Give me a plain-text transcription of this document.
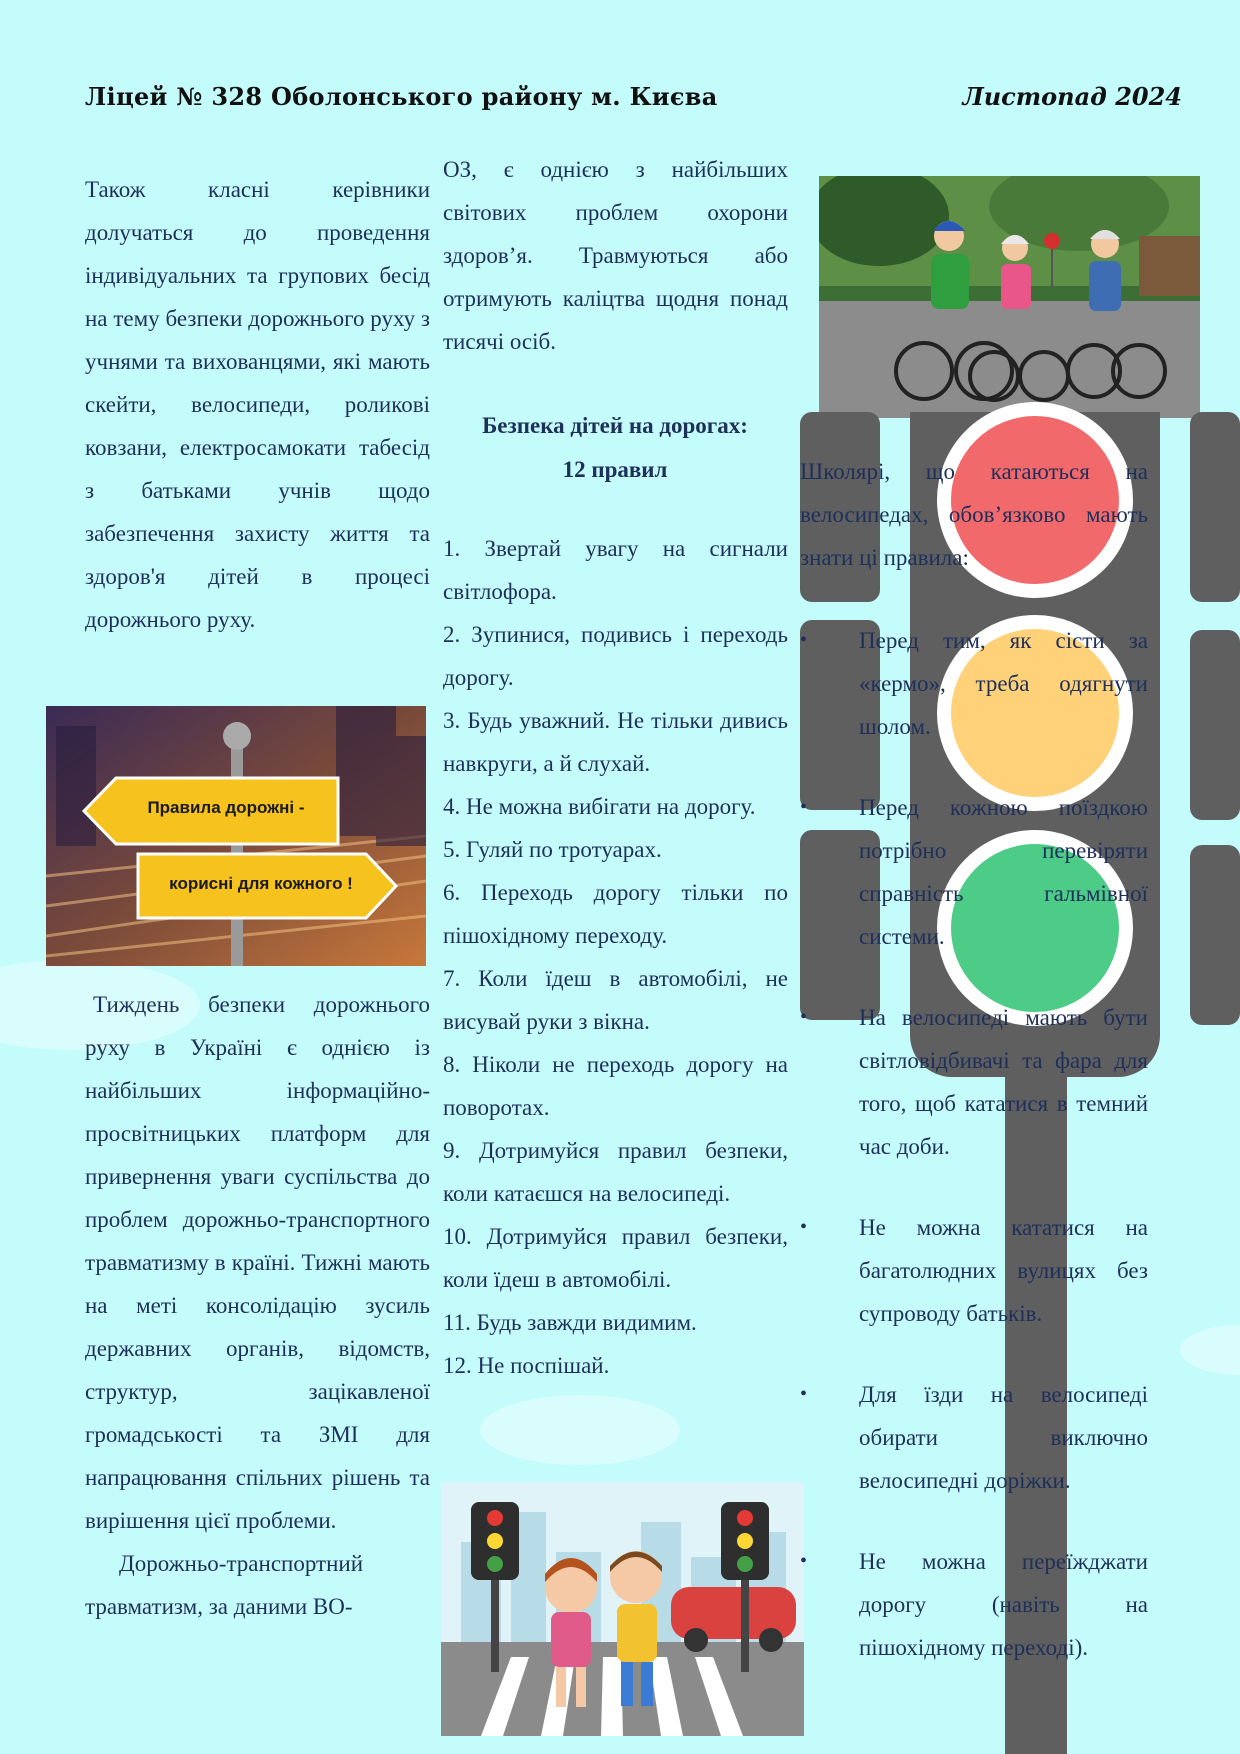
Ліцей № 328 Оболонського району м. Києва	Листопад 2024

Також класні керівники долучаться до проведення індивідуальних та групових бесід на тему безпеки дорожнього руху з учнями та вихованцями, які мають скейти, велосипеди, роликові ковзани, електросамокати табесід з батьками учнів щодо забезпечення захисту життя та здоров'я дітей в процесі дорожнього руху.

Правила дорожні -
корисні для кожного !

Тиждень безпеки дорожнього руху в Україні є однією із найбільших інформаційно-просвітницьких платформ для привернення уваги суспільства до проблем дорожньо-транспортного травматизму в країні. Тижні мають на меті консолідацію зусиль державних органів, відомств, структур, зацікавленої громадськості та ЗМІ для напрацювання спільних рішень та вирішення цієї проблеми.

Дорожньо-транспортний травматизм, за даними ВО-

ОЗ, є однією з найбільших світових проблем охорони здоров’я. Травмуються або отримують каліцтва щодня понад тисячі осіб.

Безпека дітей на дорогах:
12 правил

1. Звертай увагу на сигнали світлофора.

2. Зупинися, подивись і переходь дорогу.

3. Будь уважний. Не тільки дивись навкруги, а й слухай.

4. Не можна вибігати на дорогу.

5. Гуляй по тротуарах.

6. Переходь дорогу тільки по пішохідному переходу.

7. Коли їдеш в автомобілі, не висувай руки з вікна.

8. Ніколи не переходь дорогу на поворотах.

9. Дотримуйся правил безпеки, коли катаєшся на велосипеді.

10. Дотримуйся правил безпеки, коли їдеш в автомобілі.

11. Будь завжди видимим.

12. Не поспішай.

Школярі, що катаються на велосипедах, обов’язково мають знати ці правила:

• Перед тим, як сісти за «кермо», треба одягнути шолом.
• Перед кожною поїздкою потрібно перевіряти справність гальмівної системи.
• На велосипеді мають бути світловідбивачі та фара для того, щоб кататися в темний час доби.
• Не можна кататися на багатолюдних вулицях без супроводу батьків.
• Для їзди на велосипеді обирати виключно велосипедні доріжки.
• Не можна переїжджати дорогу (навіть на пішохідному переході).
